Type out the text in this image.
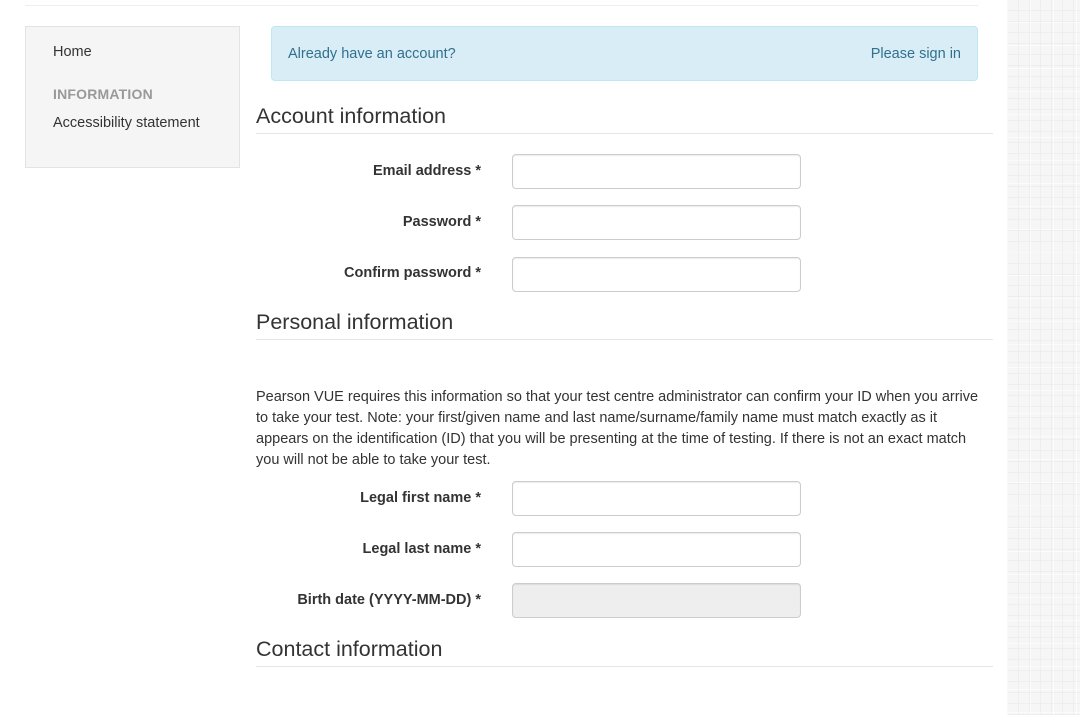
Home
INFORMATION
Accessibility statement
Already have an account?	Please sign in
Account information
Email address *
Password *
Confirm password *
Personal information

Pearson VUE requires this information so that your test centre administrator can confirm your ID when you arrive to take your test. Note: your first/given name and last name/surname/family name must match exactly as it appears on the identification (ID) that you will be presenting at the time of testing. If there is not an exact match you will not be able to take your test.

Legal first name *
Legal last name *
Birth date (YYYY-MM-DD) *
Contact information
